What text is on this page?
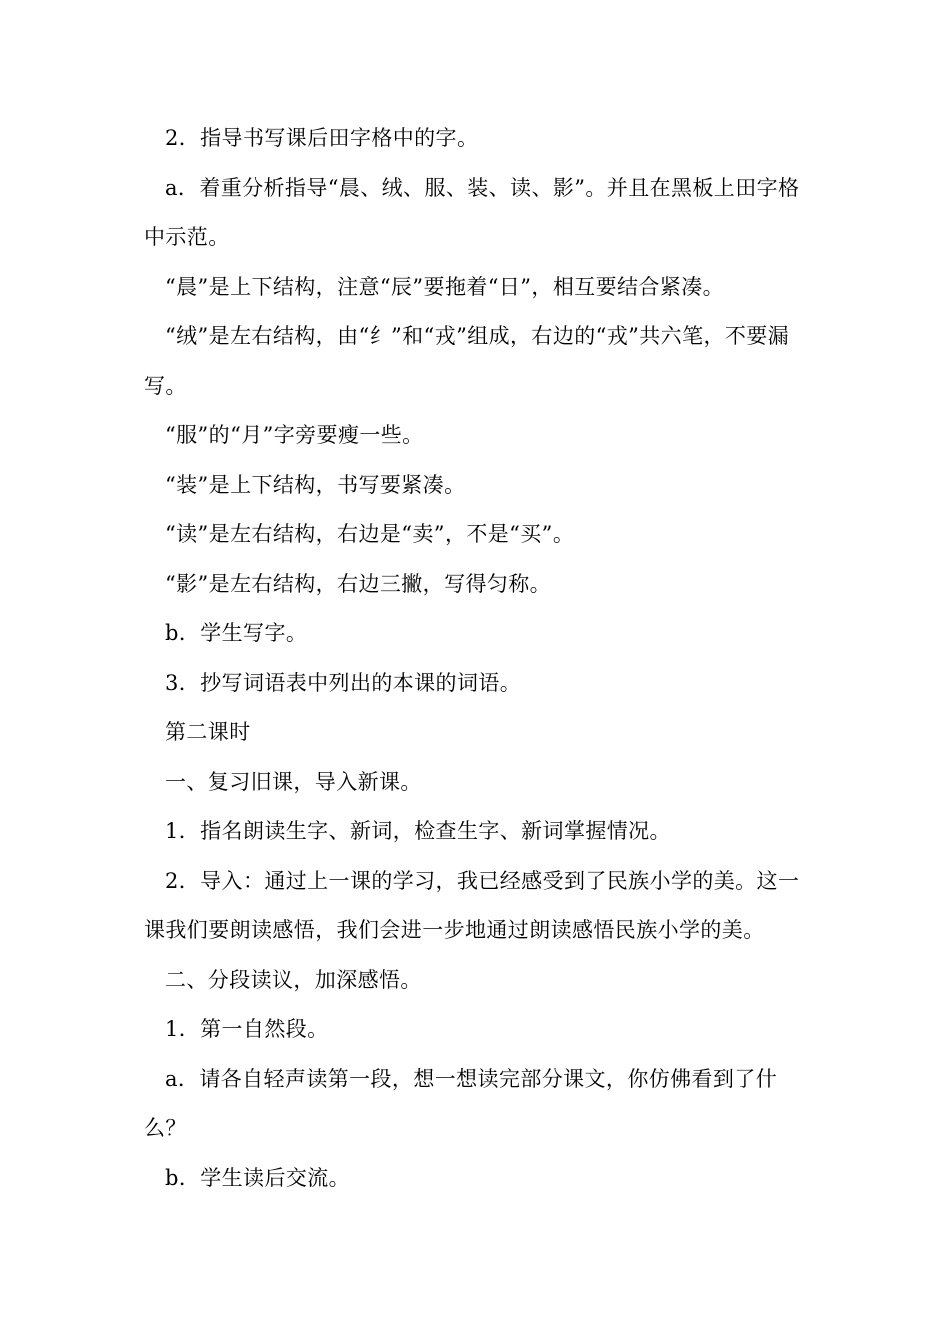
2．指导书写课后田字格中的字。

a．着重分析指导“晨、绒、服、装、读、影”。并且在黑板上田字格中示范。

“晨”是上下结构，注意“辰”要拖着“日”，相互要结合紧凑。

“绒”是左右结构，由“纟”和“戎”组成，右边的“戎”共六笔，不要漏写。

“服”的“月”字旁要瘦一些。

“装”是上下结构，书写要紧凑。

“读”是左右结构，右边是“卖”，不是“买”。

“影”是左右结构，右边三撇，写得匀称。

b．学生写字。

3．抄写词语表中列出的本课的词语。

第二课时

一、复习旧课，导入新课。

1．指名朗读生字、新词，检查生字、新词掌握情况。

2．导入：通过上一课的学习，我已经感受到了民族小学的美。这一课我们要朗读感悟，我们会进一步地通过朗读感悟民族小学的美。

二、分段读议，加深感悟。

1．第一自然段。

a．请各自轻声读第一段，想一想读完部分课文，你仿佛看到了什么？

b．学生读后交流。
